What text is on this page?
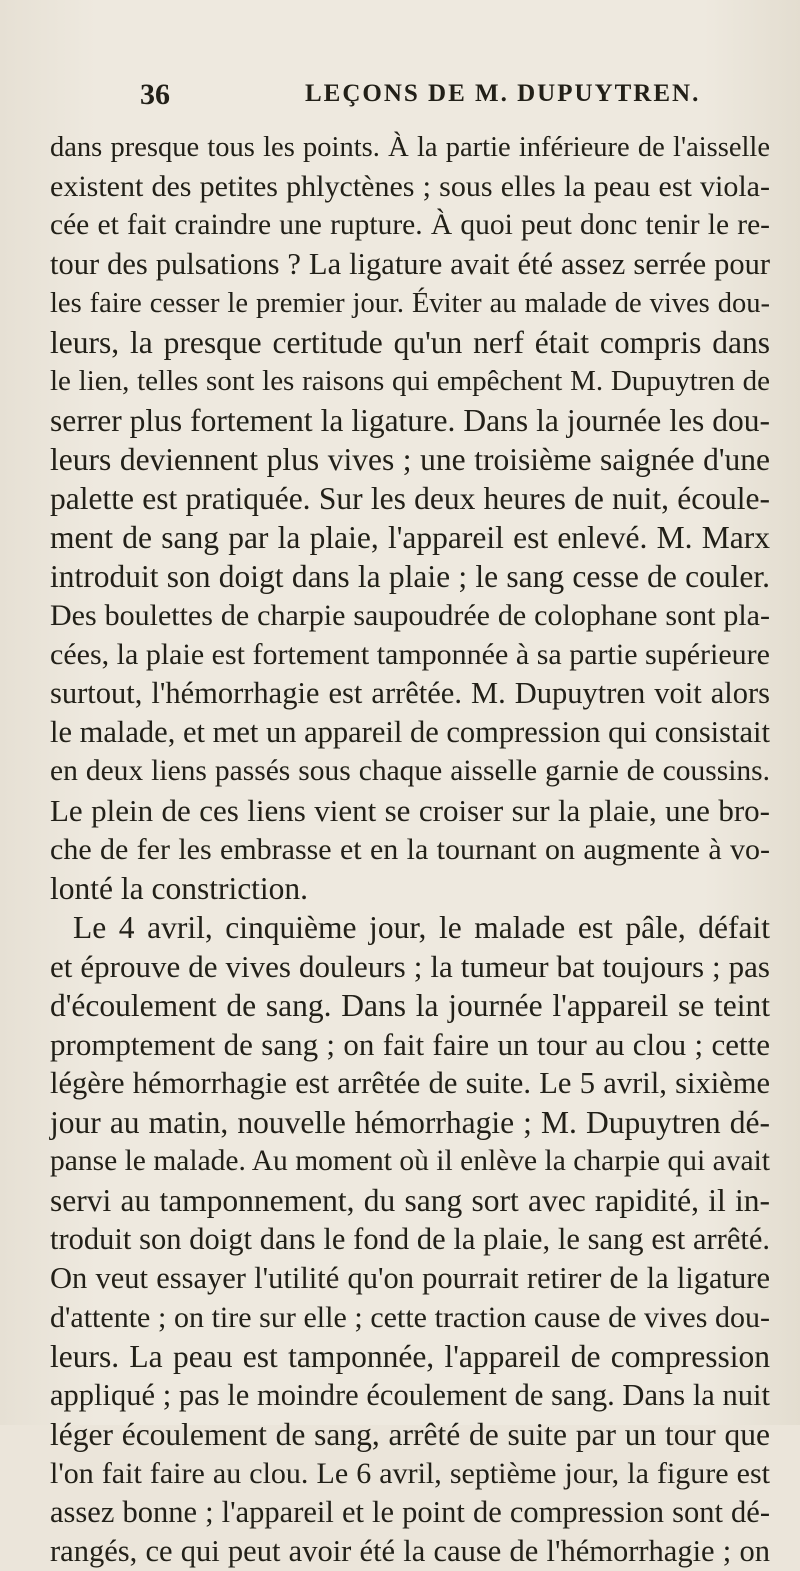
36	LEÇONS DE M. DUPUYTREN.
dans presque tous les points. À la partie inférieure de l'aisselle
existent des petites phlyctènes ; sous elles la peau est viola-
cée et fait craindre une rupture. À quoi peut donc tenir le re-
tour des pulsations ? La ligature avait été assez serrée pour
les faire cesser le premier jour. Éviter au malade de vives dou-
leurs, la presque certitude qu'un nerf était compris dans
le lien, telles sont les raisons qui empêchent M. Dupuytren de
serrer plus fortement la ligature. Dans la journée les dou-
leurs deviennent plus vives ; une troisième saignée d'une
palette est pratiquée. Sur les deux heures de nuit, écoule-
ment de sang par la plaie, l'appareil est enlevé. M. Marx
introduit son doigt dans la plaie ; le sang cesse de couler.
Des boulettes de charpie saupoudrée de colophane sont pla-
cées, la plaie est fortement tamponnée à sa partie supérieure
surtout, l'hémorrhagie est arrêtée. M. Dupuytren voit alors
le malade, et met un appareil de compression qui consistait
en deux liens passés sous chaque aisselle garnie de coussins.
Le plein de ces liens vient se croiser sur la plaie, une bro-
che de fer les embrasse et en la tournant on augmente à vo-
lonté la constriction.
Le 4 avril, cinquième jour, le malade est pâle, défait
et éprouve de vives douleurs ; la tumeur bat toujours ; pas
d'écoulement de sang. Dans la journée l'appareil se teint
promptement de sang ; on fait faire un tour au clou ; cette
légère hémorrhagie est arrêtée de suite. Le 5 avril, sixième
jour au matin, nouvelle hémorrhagie ; M. Dupuytren dé-
panse le malade. Au moment où il enlève la charpie qui avait
servi au tamponnement, du sang sort avec rapidité, il in-
troduit son doigt dans le fond de la plaie, le sang est arrêté.
On veut essayer l'utilité qu'on pourrait retirer de la ligature
d'attente ; on tire sur elle ; cette traction cause de vives dou-
leurs. La peau est tamponnée, l'appareil de compression
appliqué ; pas le moindre écoulement de sang. Dans la nuit
léger écoulement de sang, arrêté de suite par un tour que
l'on fait faire au clou. Le 6 avril, septième jour, la figure est
assez bonne ; l'appareil et le point de compression sont dé-
rangés, ce qui peut avoir été la cause de l'hémorrhagie ; on
